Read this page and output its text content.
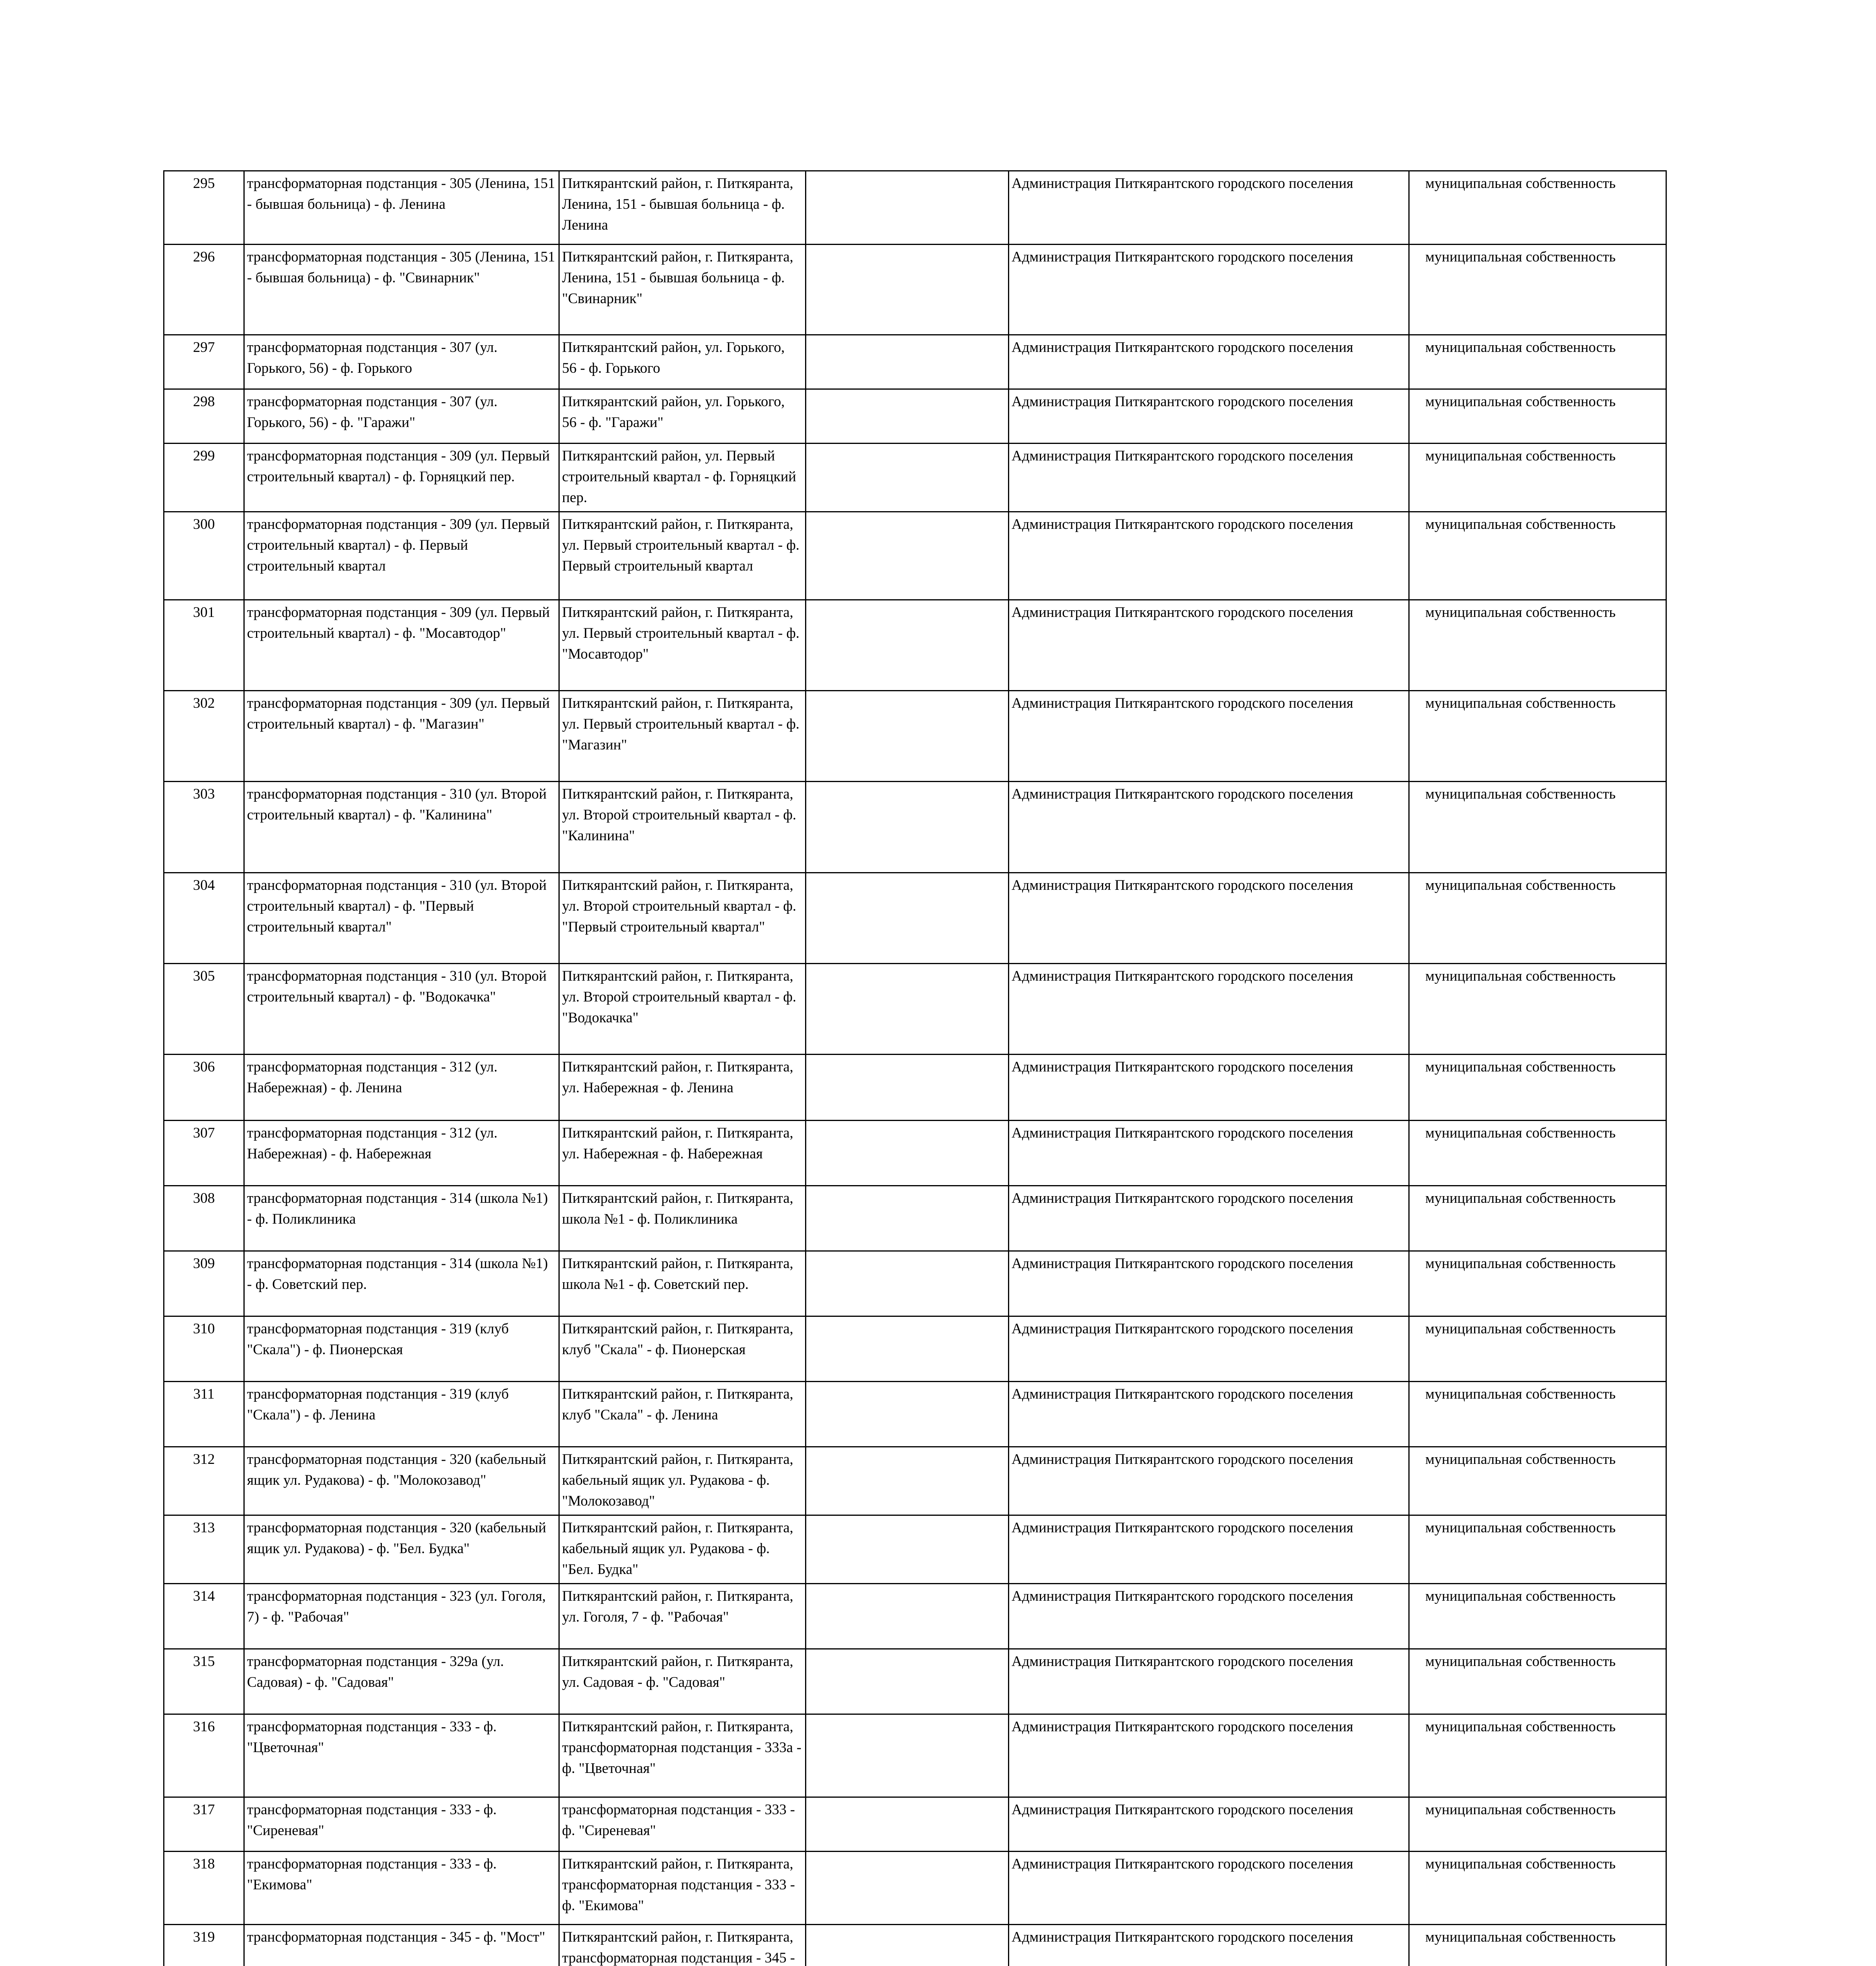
295	трансформаторная подстанция - 305 (Ленина, 151 - бывшая больница) - ф. Ленина	Питкярантский район, г. Питкяранта, Ленина, 151 - бывшая больница - ф. Ленина		Администрация Питкярантского городского поселения	муниципальная собственность
296	трансформаторная подстанция - 305 (Ленина, 151 - бывшая больница) - ф. "Свинарник"	Питкярантский район, г. Питкяранта, Ленина, 151 - бывшая больница - ф. "Свинарник"		Администрация Питкярантского городского поселения	муниципальная собственность
297	трансформаторная подстанция - 307 (ул. Горького, 56) - ф. Горького	Питкярантский район, ул. Горького, 56 - ф. Горького		Администрация Питкярантского городского поселения	муниципальная собственность
298	трансформаторная подстанция - 307 (ул. Горького, 56) - ф. "Гаражи"	Питкярантский район, ул. Горького, 56 - ф. "Гаражи"		Администрация Питкярантского городского поселения	муниципальная собственность
299	трансформаторная подстанция - 309 (ул. Первый строительный квартал) - ф. Горняцкий пер.	Питкярантский район, ул. Первый строительный квартал - ф. Горняцкий пер.		Администрация Питкярантского городского поселения	муниципальная собственность
300	трансформаторная подстанция - 309 (ул. Первый строительный квартал) - ф. Первый строительный квартал	Питкярантский район, г. Питкяранта, ул. Первый строительный квартал - ф. Первый строительный квартал		Администрация Питкярантского городского поселения	муниципальная собственность
301	трансформаторная подстанция - 309 (ул. Первый строительный квартал) - ф. "Мосавтодор"	Питкярантский район, г. Питкяранта, ул. Первый строительный квартал - ф. "Мосавтодор"		Администрация Питкярантского городского поселения	муниципальная собственность
302	трансформаторная подстанция - 309 (ул. Первый строительный квартал) - ф. "Магазин"	Питкярантский район, г. Питкяранта, ул. Первый строительный квартал - ф. "Магазин"		Администрация Питкярантского городского поселения	муниципальная собственность
303	трансформаторная подстанция - 310 (ул. Второй строительный квартал) - ф. "Калинина"	Питкярантский район, г. Питкяранта, ул. Второй строительный квартал - ф. "Калинина"		Администрация Питкярантского городского поселения	муниципальная собственность
304	трансформаторная подстанция - 310 (ул. Второй строительный квартал) - ф. "Первый строительный квартал"	Питкярантский район, г. Питкяранта, ул. Второй строительный квартал - ф. "Первый строительный квартал"		Администрация Питкярантского городского поселения	муниципальная собственность
305	трансформаторная подстанция - 310 (ул. Второй строительный квартал) - ф. "Водокачка"	Питкярантский район, г. Питкяранта, ул. Второй строительный квартал - ф. "Водокачка"		Администрация Питкярантского городского поселения	муниципальная собственность
306	трансформаторная подстанция - 312 (ул. Набережная) - ф. Ленина	Питкярантский район, г. Питкяранта, ул. Набережная - ф. Ленина		Администрация Питкярантского городского поселения	муниципальная собственность
307	трансформаторная подстанция - 312 (ул. Набережная) - ф. Набережная	Питкярантский район, г. Питкяранта, ул. Набережная - ф. Набережная		Администрация Питкярантского городского поселения	муниципальная собственность
308	трансформаторная подстанция - 314 (школа №1) - ф. Поликлиника	Питкярантский район, г. Питкяранта, школа №1 - ф. Поликлиника		Администрация Питкярантского городского поселения	муниципальная собственность
309	трансформаторная подстанция - 314 (школа №1) - ф. Советский пер.	Питкярантский район, г. Питкяранта, школа №1 - ф. Советский пер.		Администрация Питкярантского городского поселения	муниципальная собственность
310	трансформаторная подстанция - 319 (клуб "Скала") - ф. Пионерская	Питкярантский район, г. Питкяранта, клуб "Скала" - ф. Пионерская		Администрация Питкярантского городского поселения	муниципальная собственность
311	трансформаторная подстанция - 319 (клуб "Скала") - ф. Ленина	Питкярантский район, г. Питкяранта, клуб "Скала" - ф. Ленина		Администрация Питкярантского городского поселения	муниципальная собственность
312	трансформаторная подстанция - 320 (кабельный ящик ул. Рудакова) - ф. "Молокозавод"	Питкярантский район, г. Питкяранта, кабельный ящик ул. Рудакова - ф. "Молокозавод"		Администрация Питкярантского городского поселения	муниципальная собственность
313	трансформаторная подстанция - 320 (кабельный ящик ул. Рудакова) - ф. "Бел. Будка"	Питкярантский район, г. Питкяранта, кабельный ящик ул. Рудакова - ф. "Бел. Будка"		Администрация Питкярантского городского поселения	муниципальная собственность
314	трансформаторная подстанция - 323 (ул. Гоголя, 7) - ф. "Рабочая"	Питкярантский район, г. Питкяранта, ул. Гоголя, 7 - ф. "Рабочая"		Администрация Питкярантского городского поселения	муниципальная собственность
315	трансформаторная подстанция - 329а (ул. Садовая) - ф. "Садовая"	Питкярантский район, г. Питкяранта, ул. Садовая - ф. "Садовая"		Администрация Питкярантского городского поселения	муниципальная собственность
316	трансформаторная подстанция - 333 - ф. "Цветочная"	Питкярантский район, г. Питкяранта, трансформаторная подстанция - 333а - ф. "Цветочная"		Администрация Питкярантского городского поселения	муниципальная собственность
317	трансформаторная подстанция - 333 - ф. "Сиреневая"	трансформаторная подстанция - 333 - ф. "Сиреневая"		Администрация Питкярантского городского поселения	муниципальная собственность
318	трансформаторная подстанция - 333 - ф. "Екимова"	Питкярантский район, г. Питкяранта, трансформаторная подстанция - 333 - ф. "Екимова"		Администрация Питкярантского городского поселения	муниципальная собственность
319	трансформаторная подстанция - 345 - ф. "Мост"	Питкярантский район, г. Питкяранта, трансформаторная подстанция - 345 -		Администрация Питкярантского городского поселения	муниципальная собственность
